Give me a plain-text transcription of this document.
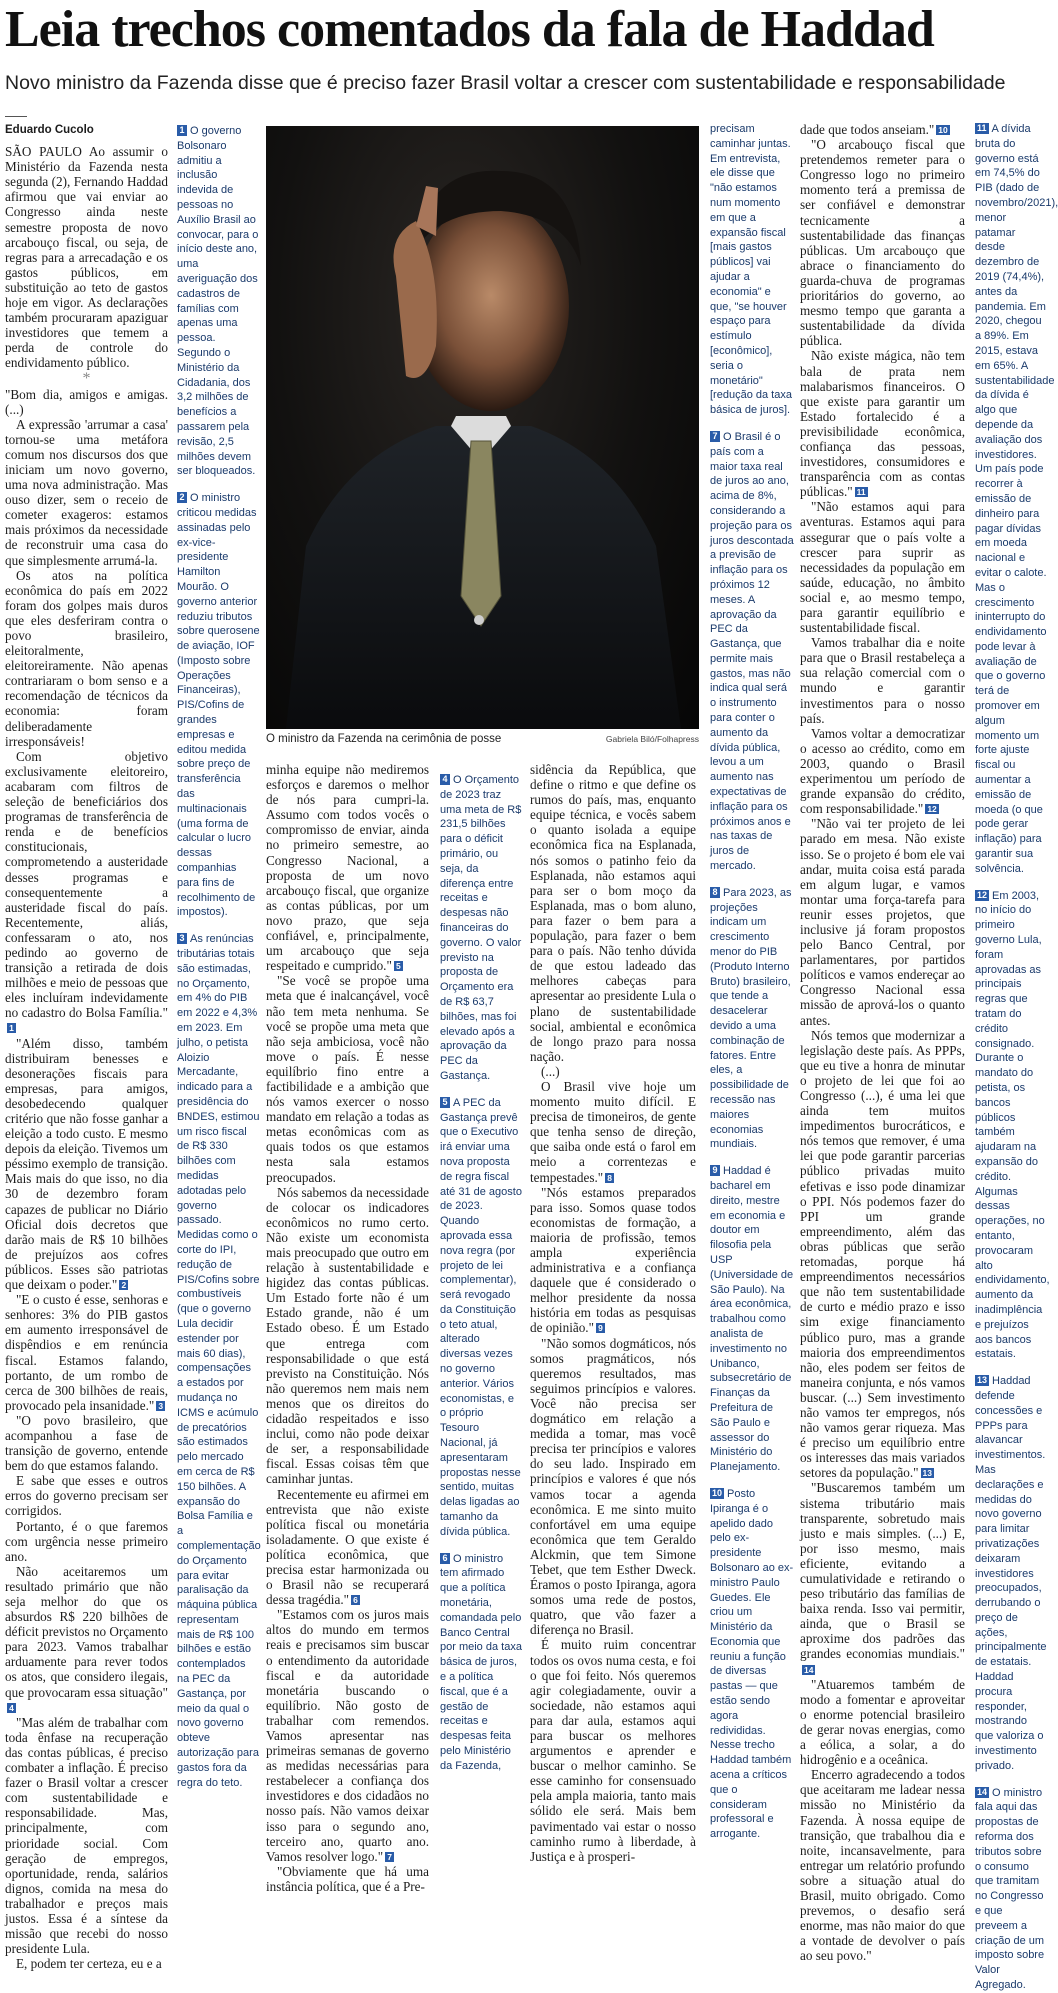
Leia trechos comentados da fala de Haddad
Novo ministro da Fazenda disse que é preciso fazer Brasil voltar a crescer com sustentabilidade e responsabilidade

Eduardo Cucolo

SÃO PAULO Ao assumir o Ministério da Fazenda nesta segunda (2), Fernando Haddad afirmou que vai enviar ao Congresso ainda neste semestre proposta de novo arcabouço fiscal, ou seja, de regras para a arrecadação e os gastos públicos, em substituição ao teto de gastos hoje em vigor. As declarações também procuraram apaziguar investidores que temem a perda de controle do endividamento público.

*

"Bom dia, amigos e amigas. (...)

A expressão 'arrumar a casa' tornou-se uma metáfora comum nos discursos dos que iniciam um novo governo, uma nova administração. Mas ouso dizer, sem o receio de cometer exageros: estamos mais próximos da necessidade de reconstruir uma casa do que simplesmente arrumá-la.

Os atos na política econômica do país em 2022 foram dos golpes mais duros que eles desferiram contra o povo brasileiro, eleitoralmente, eleitoreiramente. Não apenas contrariaram o bom senso e a recomendação de técnicos da economia: foram deliberadamente irresponsáveis!

Com objetivo exclusivamente eleitoreiro, acabaram com filtros de seleção de beneficiários dos programas de transferência de renda e de benefícios constitucionais, comprometendo a austeridade desses programas e consequentemente a austeridade fiscal do país. Recentemente, aliás, confessaram o ato, nos pedindo ao governo de transição a retirada de dois milhões e meio de pessoas que eles incluíram indevidamente no cadastro do Bolsa Família."1

"Além disso, também distribuiram benesses e desonerações fiscais para empresas, para amigos, desobedecendo qualquer critério que não fosse ganhar a eleição a todo custo. E mesmo depois da eleição. Tivemos um péssimo exemplo de transição. Mais mais do que isso, no dia 30 de dezembro foram capazes de publicar no Diário Oficial dois decretos que darão mais de R$ 10 bilhões de prejuízos aos cofres públicos. Esses são patriotas que deixam o poder." 2

"E o custo é esse, senhoras e senhores: 3% do PIB gastos em aumento irresponsável de dispêndios e em renúncia fiscal. Estamos falando, portanto, de um rombo de cerca de 300 bilhões de reais, provocado pela insanidade." 3

"O povo brasileiro, que acompanhou a fase de transição de governo, entende bem do que estamos falando.

E sabe que esses e outros erros do governo precisam ser corrigidos.

Portanto, é o que faremos com urgência nesse primeiro ano.

Não aceitaremos um resultado primário que não seja melhor do que os absurdos R$ 220 bilhões de déficit previstos no Orçamento para 2023. Vamos trabalhar arduamente para rever todos os atos, que considero ilegais, que provocaram essa situação"4

"Mas além de trabalhar com toda ênfase na recuperação das contas públicas, é preciso combater a inflação. É preciso fazer o Brasil voltar a crescer com sustentabilidade e responsabilidade. Mas, principalmente, com prioridade social. Com geração de empregos, oportunidade, renda, salários dignos, comida na mesa do trabalhador e preços mais justos. Essa é a síntese da missão que recebi do nosso presidente Lula.

E, podem ter certeza, eu e a

1 O governo Bolsonaro admitiu a inclusão indevida de pessoas no Auxílio Brasil ao convocar, para o início deste ano, uma averiguação dos cadastros de famílias com apenas uma pessoa. Segundo o Ministério da Cidadania, dos 3,2 milhões de benefícios a passarem pela revisão, 2,5 milhões devem ser bloqueados.

2 O ministro criticou medidas assinadas pelo ex-vice-presidente Hamilton Mourão. O governo anterior reduziu tributos sobre querosene de aviação, IOF (Imposto sobre Operações Financeiras), PIS/Cofins de grandes empresas e editou medida sobre preço de transferência das multinacionais (uma forma de calcular o lucro dessas companhias para fins de recolhimento de impostos).

3 As renúncias tributárias totais são estimadas, no Orçamento, em 4% do PIB em 2022 e 4,3% em 2023. Em julho, o petista Aloizio Mercadante, indicado para a presidência do BNDES, estimou um risco fiscal de R$ 330 bilhões com medidas adotadas pelo governo passado. Medidas como o corte do IPI, redução de PIS/Cofins sobre combustíveis (que o governo Lula decidir estender por mais 60 dias), compensações a estados por mudança no ICMS e acúmulo de precatórios são estimados pelo mercado em cerca de R$ 150 bilhões. A expansão do Bolsa Família e a complementação do Orçamento para evitar paralisação da máquina pública representam mais de R$ 100 bilhões e estão contemplados na PEC da Gastança, por meio da qual o novo governo obteve autorização para gastos fora da regra do teto.

O ministro da Fazenda na cerimônia de posse	Gabriela Biló/Folhapress

minha equipe não mediremos esforços e daremos o melhor de nós para cumpri-la. Assumo com todos vocês o compromisso de enviar, ainda no primeiro semestre, ao Congresso Nacional, a proposta de um novo arcabouço fiscal, que organize as contas públicas, por um novo prazo, que seja confiável, e, principalmente, um arcabouço que seja respeitado e cumprido." 5

"Se você se propõe uma meta que é inalcançável, você não tem meta nenhuma. Se você se propõe uma meta que não seja ambiciosa, você não move o país. É nesse equilíbrio fino entre a factibilidade e a ambição que nós vamos exercer o nosso mandato em relação a todas as metas econômicas com as quais todos os que estamos nesta sala estamos preocupados.

Nós sabemos da necessidade de colocar os indicadores econômicos no rumo certo. Não existe um economista mais preocupado que outro em relação à sustentabilidade e higidez das contas públicas. Um Estado forte não é um Estado grande, não é um Estado obeso. É um Estado que entrega com responsabilidade o que está previsto na Constituição. Nós não queremos nem mais nem menos que os direitos do cidadão respeitados e isso inclui, como não pode deixar de ser, a responsabilidade fiscal. Essas coisas têm que caminhar juntas.

Recentemente eu afirmei em entrevista que não existe política fiscal ou monetária isoladamente. O que existe é política econômica, que precisa estar harmonizada ou o Brasil não se recuperará dessa tragédia." 6

"Estamos com os juros mais altos do mundo em termos reais e precisamos sim buscar o entendimento da autoridade fiscal e da autoridade monetária buscando o equilíbrio. Não gosto de trabalhar com remendos. Vamos apresentar nas primeiras semanas de governo as medidas necessárias para restabelecer a confiança dos investidores e dos cidadãos no nosso país. Não vamos deixar isso para o segundo ano, terceiro ano, quarto ano. Vamos resolver logo." 7

"Obviamente que há uma instância política, que é a Pre-

4 O Orçamento de 2023 traz uma meta de R$ 231,5 bilhões para o déficit primário, ou seja, da diferença entre receitas e despesas não financeiras do governo. O valor previsto na proposta de Orçamento era de R$ 63,7 bilhões, mas foi elevado após a aprovação da PEC da Gastança.

5 A PEC da Gastança prevê que o Executivo irá enviar uma nova proposta de regra fiscal até 31 de agosto de 2023. Quando aprovada essa nova regra (por projeto de lei complementar), será revogado da Constituição o teto atual, alterado diversas vezes no governo anterior. Vários economistas, e o próprio Tesouro Nacional, já apresentaram propostas nesse sentido, muitas delas ligadas ao tamanho da dívida pública.

6 O ministro tem afirmado que a política monetária, comandada pelo Banco Central por meio da taxa básica de juros, e a política fiscal, que é a gestão de receitas e despesas feita pelo Ministério da Fazenda,

sidência da República, que define o ritmo e que define os rumos do país, mas, enquanto equipe técnica, e vocês sabem o quanto isolada a equipe econômica fica na Esplanada, nós somos o patinho feio da Esplanada, não estamos aqui para ser o bom moço da Esplanada, mas o bom aluno, para fazer o bem para a população, para fazer o bem para o país. Não tenho dúvida de que estou ladeado das melhores cabeças para apresentar ao presidente Lula o plano de sustentabilidade social, ambiental e econômica de longo prazo para nossa nação.

(...)

O Brasil vive hoje um momento muito difícil. E precisa de timoneiros, de gente que tenha senso de direção, que saiba onde está o farol em meio a correntezas e tempestades." 8

"Nós estamos preparados para isso. Somos quase todos economistas de formação, a maioria de profissão, temos ampla experiência administrativa e a confiança daquele que é considerado o melhor presidente da nossa história em todas as pesquisas de opinião." 9

"Não somos dogmáticos, nós somos pragmáticos, nós queremos resultados, mas seguimos princípios e valores. Você não precisa ser dogmático em relação a medida a tomar, mas você precisa ter princípios e valores do seu lado. Inspirado em princípios e valores é que nós vamos tocar a agenda econômica. E me sinto muito confortável em uma equipe econômica que tem Geraldo Alckmin, que tem Simone Tebet, que tem Esther Dweck. Éramos o posto Ipiranga, agora somos uma rede de postos, quatro, que vão fazer a diferença no Brasil.

É muito ruim concentrar todos os ovos numa cesta, e foi o que foi feito. Nós queremos agir colegiadamente, ouvir a sociedade, não estamos aqui para dar aula, estamos aqui para buscar os melhores argumentos e aprender e buscar o melhor caminho. Se esse caminho for consensuado pela ampla maioria, tanto mais sólido ele será. Mais bem pavimentado vai estar o nosso caminho rumo à liberdade, à Justiça e à prosperi-

precisam caminhar juntas. Em entrevista, ele disse que "não estamos num momento em que a expansão fiscal [mais gastos públicos] vai ajudar a economia" e que, "se houver espaço para estímulo [econômico], seria o monetário" [redução da taxa básica de juros].

7 O Brasil é o país com a maior taxa real de juros ao ano, acima de 8%, considerando a projeção para os juros descontada a previsão de inflação para os próximos 12 meses. A aprovação da PEC da Gastança, que permite mais gastos, mas não indica qual será o instrumento para conter o aumento da dívida pública, levou a um aumento nas expectativas de inflação para os próximos anos e nas taxas de juros de mercado.

8 Para 2023, as projeções indicam um crescimento menor do PIB (Produto Interno Bruto) brasileiro, que tende a desacelerar devido a uma combinação de fatores. Entre eles, a possibilidade de recessão nas maiores economias mundiais.

9 Haddad é bacharel em direito, mestre em economia e doutor em filosofia pela USP (Universidade de São Paulo). Na área econômica, trabalhou como analista de investimento no Unibanco, subsecretário de Finanças da Prefeitura de São Paulo e assessor do Ministério do Planejamento.

10 Posto Ipiranga é o apelido dado pelo ex-presidente Bolsonaro ao ex-ministro Paulo Guedes. Ele criou um Ministério da Economia que reuniu a função de diversas pastas — que estão sendo agora redivididas. Nesse trecho Haddad também acena a críticos que o consideram professoral e arrogante.

dade que todos anseiam." 10

"O arcabouço fiscal que pretendemos remeter para o Congresso logo no primeiro momento terá a premissa de ser confiável e demonstrar tecnicamente a sustentabilidade das finanças públicas. Um arcabouço que abrace o financiamento do guarda-chuva de programas prioritários do governo, ao mesmo tempo que garanta a sustentabilidade da dívida pública.

Não existe mágica, não tem bala de prata nem malabarismos financeiros. O que existe para garantir um Estado fortalecido é a previsibilidade econômica, confiança das pessoas, investidores, consumidores e transparência com as contas públicas." 11

"Não estamos aqui para aventuras. Estamos aqui para assegurar que o país volte a crescer para suprir as necessidades da população em saúde, educação, no âmbito social e, ao mesmo tempo, para garantir equilíbrio e sustentabilidade fiscal.

Vamos trabalhar dia e noite para que o Brasil restabeleça a sua relação comercial com o mundo e garantir investimentos para o nosso país.

Vamos voltar a democratizar o acesso ao crédito, como em 2003, quando o Brasil experimentou um período de grande expansão do crédito, com responsabilidade." 12

"Não vai ter projeto de lei parado em mesa. Não existe isso. Se o projeto é bom ele vai andar, muita coisa está parada em algum lugar, e vamos montar uma força-tarefa para reunir esses projetos, que inclusive já foram propostos pelo Banco Central, por parlamentares, por partidos políticos e vamos endereçar ao Congresso Nacional essa missão de aprová-los o quanto antes.

Nós temos que modernizar a legislação deste país. As PPPs, que eu tive a honra de minutar o projeto de lei que foi ao Congresso (...), é uma lei que ainda tem muitos impedimentos burocráticos, e nós temos que remover, é uma lei que pode garantir parcerias público privadas muito efetivas e isso pode dinamizar o PPI. Nós podemos fazer do PPI um grande empreendimento, além das obras públicas que serão retomadas, porque há empreendimentos necessários que não tem sustentabilidade de curto e médio prazo e isso sim exige financiamento público puro, mas a grande maioria dos empreendimentos não, eles podem ser feitos de maneira conjunta, e nós vamos buscar. (...) Sem investimento não vamos ter empregos, nós não vamos gerar riqueza. Mas é preciso um equilíbrio entre os interesses das mais variados setores da população." 13

"Buscaremos também um sistema tributário mais transparente, sobretudo mais justo e mais simples. (...) E, por isso mesmo, mais eficiente, evitando a cumulatividade e retirando o peso tributário das famílias de baixa renda. Isso vai permitir, ainda, que o Brasil se aproxime dos padrões das grandes economias mundiais."14

"Atuaremos também de modo a fomentar e aproveitar o enorme potencial brasileiro de gerar novas energias, como a eólica, a solar, a do hidrogênio e a oceânica.

Encerro agradecendo a todos que aceitaram me ladear nessa missão no Ministério da Fazenda. À nossa equipe de transição, que trabalhou dia e noite, incansavelmente, para entregar um relatório profundo sobre a situação atual do Brasil, muito obrigado. Como prevemos, o desafio será enorme, mas não maior do que a vontade de devolver o país ao seu povo."

11 A dívida bruta do governo está em 74,5% do PIB (dado de novembro/2021), menor patamar desde dezembro de 2019 (74,4%), antes da pandemia. Em 2020, chegou a 89%. Em 2015, estava em 65%. A sustentabilidade da dívida é algo que depende da avaliação dos investidores. Um país pode recorrer à emissão de dinheiro para pagar dívidas em moeda nacional e evitar o calote. Mas o crescimento ininterrupto do endividamento pode levar à avaliação de que o governo terá de promover em algum momento um forte ajuste fiscal ou aumentar a emissão de moeda (o que pode gerar inflação) para garantir sua solvência.

12 Em 2003, no início do primeiro governo Lula, foram aprovadas as principais regras que tratam do crédito consignado. Durante o mandato do petista, os bancos públicos também ajudaram na expansão do crédito. Algumas dessas operações, no entanto, provocaram alto endividamento, aumento da inadimplência e prejuízos aos bancos estatais.

13 Haddad defende concessões e PPPs para alavancar investimentos. Mas declarações e medidas do novo governo para limitar privatizações deixaram investidores preocupados, derrubando o preço de ações, principalmente de estatais. Haddad procura responder, mostrando que valoriza o investimento privado.

14 O ministro fala aqui das propostas de reforma dos tributos sobre o consumo que tramitam no Congresso e que preveem a criação de um imposto sobre Valor Agregado.
